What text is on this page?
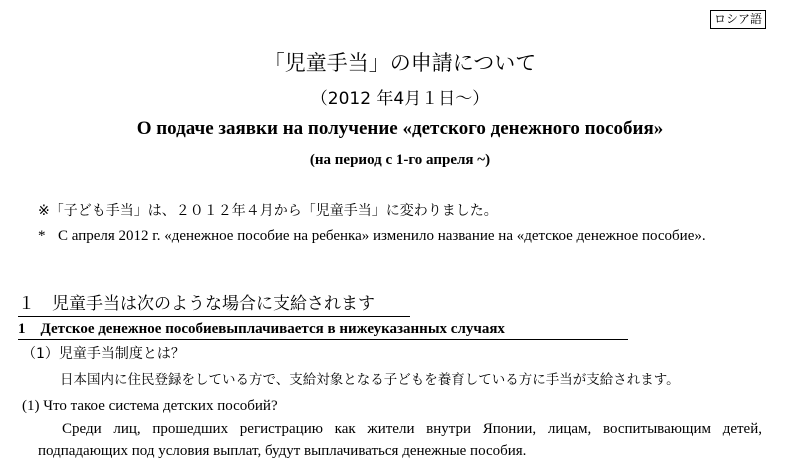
ロシア語
「児童手当」の申請について
（2012 年4月１日～）
О подаче заявки на получение «детского денежного пособия»
(на период с 1-го апреля ~)
※「子ども手当」は、２０１２年４月から「児童手当」に変わりました。
* С апреля 2012 г. «денежное пособие на ребенка» изменило название на «детское денежное пособие».
１　児童手当は次のような場合に支給されます
1　Детское денежное пособиевыплачивается в нижеуказанных случаях
（1）児童手当制度とは？
日本国内に住民登録をしている方で、支給対象となる子どもを養育している方に手当が支給されます。
(1) Что такое система детских пособий?
Среди лиц, прошедших регистрацию как жители внутри Японии, лицам, воспитывающим детей, подпадающих под условия выплат, будут выплачиваться денежные пособия.
